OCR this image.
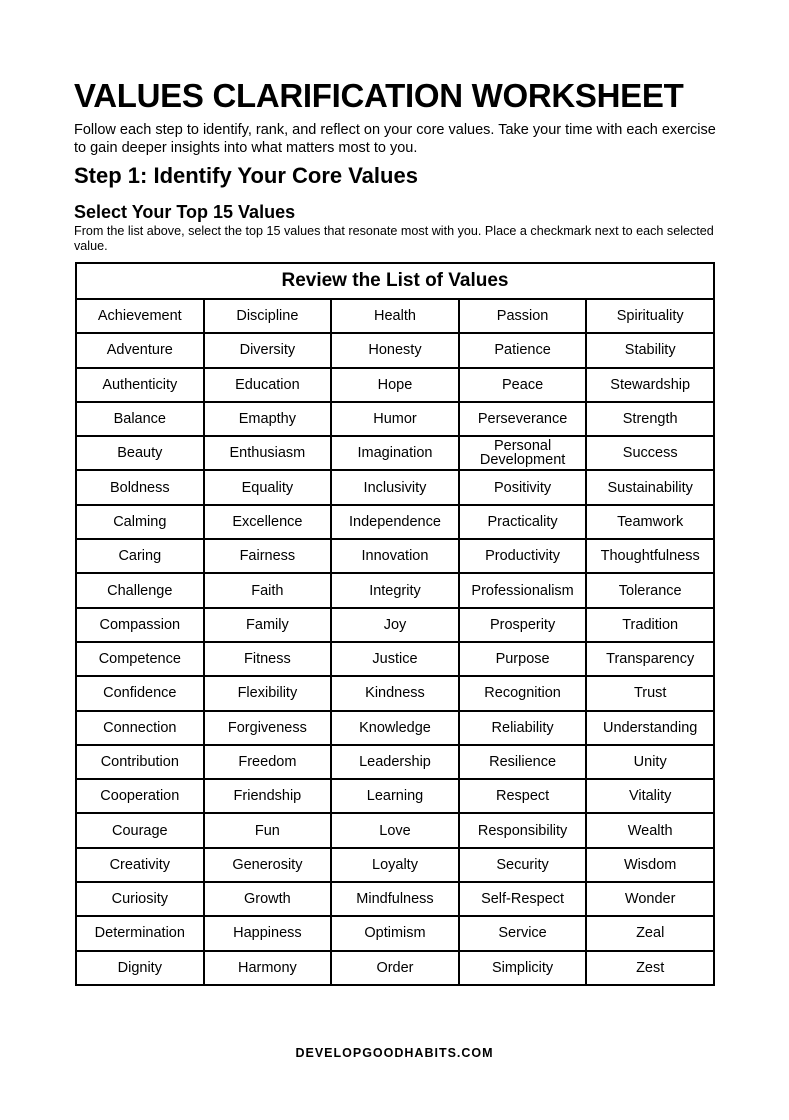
VALUES CLARIFICATION WORKSHEET

Follow each step to identify, rank, and reflect on your core values. Take your time with each exercise to gain deeper insights into what matters most to you.

Step 1: Identify Your Core Values
Select Your Top 15 Values

From the list above, select the top 15 values that resonate most with you. Place a checkmark next to each selected value.

Review the List of Values				
Achievement	Discipline	Health	Passion	Spirituality
Adventure	Diversity	Honesty	Patience	Stability
Authenticity	Education	Hope	Peace	Stewardship
Balance	Emapthy	Humor	Perseverance	Strength
Beauty	Enthusiasm	Imagination	Personal Development	Success
Boldness	Equality	Inclusivity	Positivity	Sustainability
Calming	Excellence	Independence	Practicality	Teamwork
Caring	Fairness	Innovation	Productivity	Thoughtfulness
Challenge	Faith	Integrity	Professionalism	Tolerance
Compassion	Family	Joy	Prosperity	Tradition
Competence	Fitness	Justice	Purpose	Transparency
Confidence	Flexibility	Kindness	Recognition	Trust
Connection	Forgiveness	Knowledge	Reliability	Understanding
Contribution	Freedom	Leadership	Resilience	Unity
Cooperation	Friendship	Learning	Respect	Vitality
Courage	Fun	Love	Responsibility	Wealth
Creativity	Generosity	Loyalty	Security	Wisdom
Curiosity	Growth	Mindfulness	Self-Respect	Wonder
Determination	Happiness	Optimism	Service	Zeal
Dignity	Harmony	Order	Simplicity	Zest
DEVELOPGOODHABITS.COM
